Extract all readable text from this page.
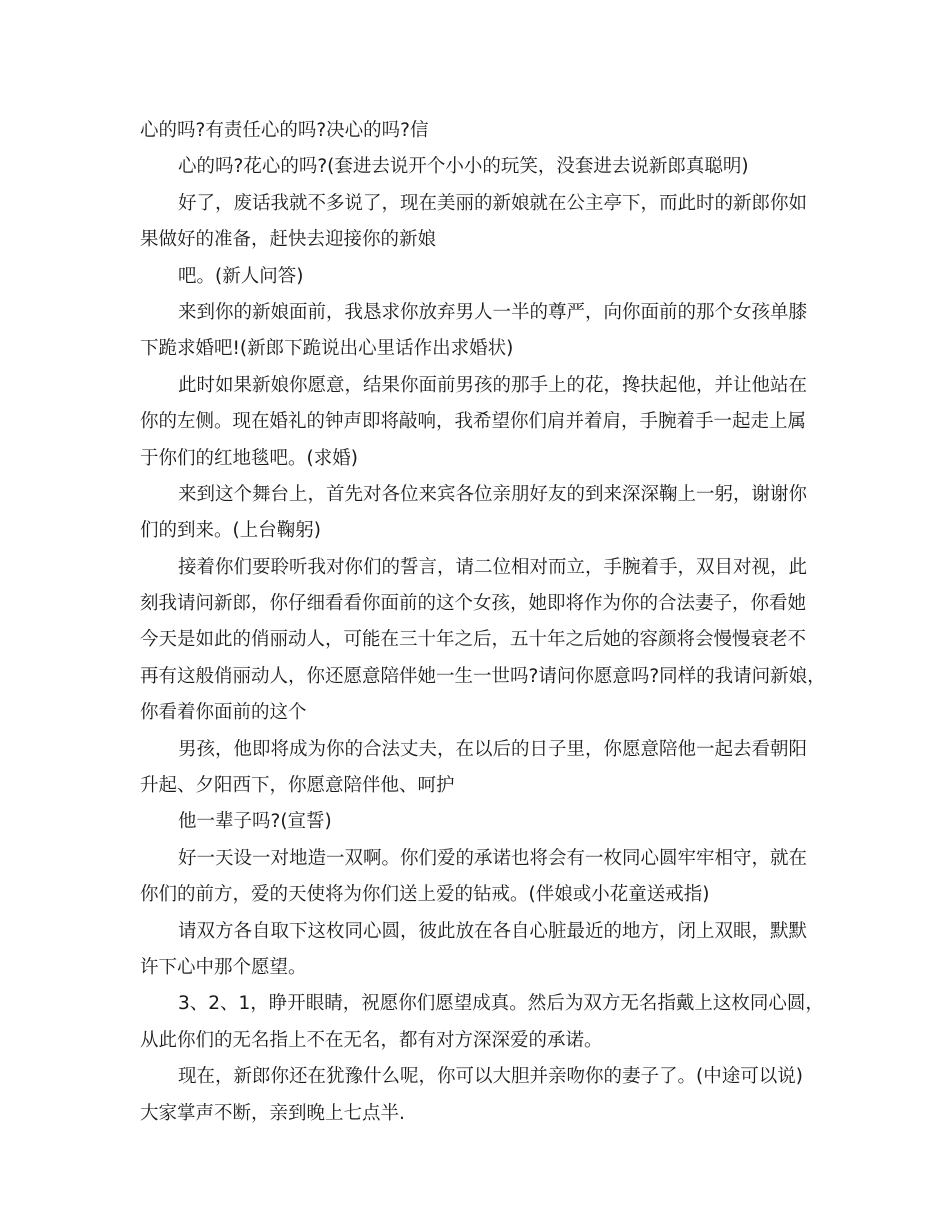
心的吗?有责任心的吗?决心的吗?信
心的吗?花心的吗?(套进去说开个小小的玩笑，没套进去说新郎真聪明)
好了，废话我就不多说了，现在美丽的新娘就在公主亭下，而此时的新郎你如
果做好的准备，赶快去迎接你的新娘
吧。(新人问答)
来到你的新娘面前，我恳求你放弃男人一半的尊严，向你面前的那个女孩单膝
下跪求婚吧!(新郎下跪说出心里话作出求婚状)
此时如果新娘你愿意，结果你面前男孩的那手上的花，搀扶起他，并让他站在
你的左侧。现在婚礼的钟声即将敲响，我希望你们肩并着肩，手腕着手一起走上属
于你们的红地毯吧。(求婚)
来到这个舞台上，首先对各位来宾各位亲朋好友的到来深深鞠上一躬，谢谢你
们的到来。(上台鞠躬)
接着你们要聆听我对你们的誓言，请二位相对而立，手腕着手，双目对视，此
刻我请问新郎，你仔细看看你面前的这个女孩，她即将作为你的合法妻子，你看她
今天是如此的俏丽动人，可能在三十年之后，五十年之后她的容颜将会慢慢衰老不
再有这般俏丽动人，你还愿意陪伴她一生一世吗?请问你愿意吗?同样的我请问新娘，
你看着你面前的这个
男孩，他即将成为你的合法丈夫，在以后的日子里，你愿意陪他一起去看朝阳
升起、夕阳西下，你愿意陪伴他、呵护
他一辈子吗?(宣誓)
好一天设一对地造一双啊。你们爱的承诺也将会有一枚同心圆牢牢相守，就在
你们的前方，爱的天使将为你们送上爱的钻戒。(伴娘或小花童送戒指)
请双方各自取下这枚同心圆，彼此放在各自心脏最近的地方，闭上双眼，默默
许下心中那个愿望。
3、2、1，睁开眼睛，祝愿你们愿望成真。然后为双方无名指戴上这枚同心圆，
从此你们的无名指上不在无名，都有对方深深爱的承诺。
现在，新郎你还在犹豫什么呢，你可以大胆并亲吻你的妻子了。(中途可以说)
大家掌声不断，亲到晚上七点半.
